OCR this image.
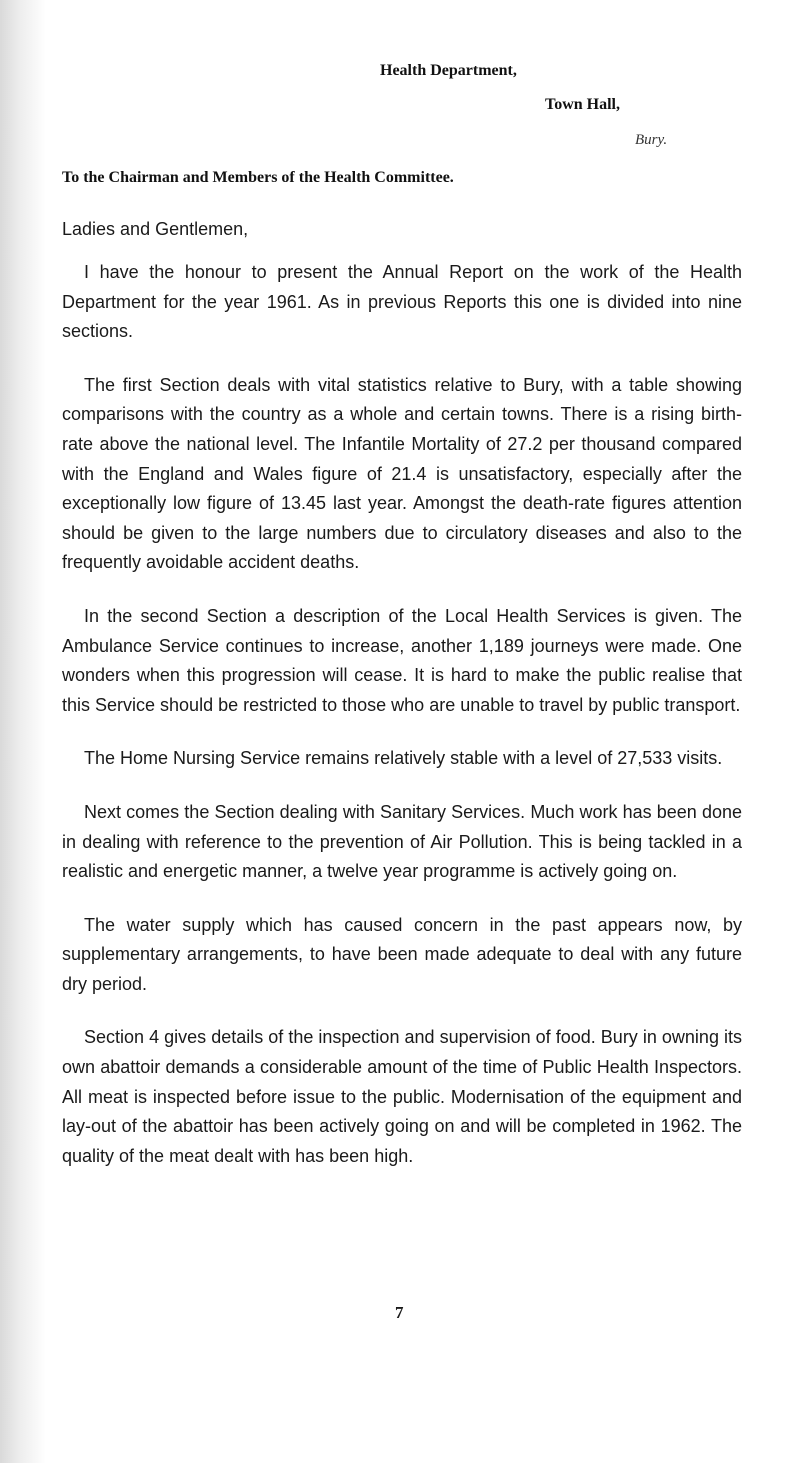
Health Department,
Town Hall,
Bury.
To the Chairman and Members of the Health Committee.
Ladies and Gentlemen,

I have the honour to present the Annual Report on the work of the Health Department for the year 1961. As in previous Reports this one is divided into nine sections.

The first Section deals with vital statistics relative to Bury, with a table showing comparisons with the country as a whole and certain towns. There is a rising birth-rate above the national level. The Infantile Mortality of 27.2 per thousand compared with the England and Wales figure of 21.4 is unsatisfactory, especially after the exceptionally low figure of 13.45 last year. Amongst the death-rate figures attention should be given to the large numbers due to circulatory diseases and also to the frequently avoidable accident deaths.

In the second Section a description of the Local Health Services is given. The Ambulance Service continues to increase, another 1,189 journeys were made. One wonders when this progression will cease. It is hard to make the public realise that this Service should be restricted to those who are unable to travel by public transport.

The Home Nursing Service remains relatively stable with a level of 27,533 visits.

Next comes the Section dealing with Sanitary Services. Much work has been done in dealing with reference to the prevention of Air Pollution. This is being tackled in a realistic and energetic manner, a twelve year programme is actively going on.

The water supply which has caused concern in the past appears now, by supplementary arrangements, to have been made adequate to deal with any future dry period.

Section 4 gives details of the inspection and supervision of food. Bury in owning its own abattoir demands a considerable amount of the time of Public Health Inspectors. All meat is inspected before issue to the public. Modernisation of the equipment and lay-out of the abattoir has been actively going on and will be completed in 1962. The quality of the meat dealt with has been high.

7
